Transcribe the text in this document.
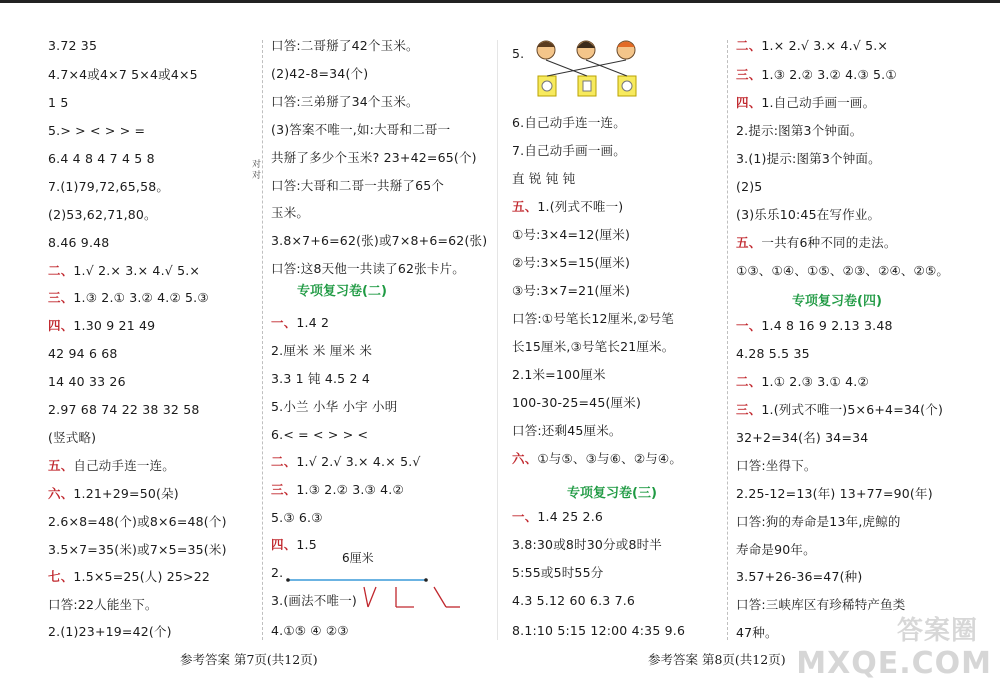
3.72 35
4.7×4或4×7 5×4或4×5
1 5
5.> > < > > =
6.4 4 8 4 7 4 5 8
7.(1)79,72,65,58。
(2)53,62,71,80。
8.46 9.48
二、1.√ 2.× 3.× 4.√ 5.×
三、1.③ 2.① 3.② 4.② 5.③
四、1.30 9 21 49
42 94 6 68
14 40 33 26
2.97 68 74 22 38 32 58
(竖式略)
五、自己动手连一连。
六、1.21+29=50(朵)
2.6×8=48(个)或8×6=48(个)
3.5×7=35(米)或7×5=35(米)
七、1.5×5=25(人) 25>22
口答:22人能坐下。
2.(1)23+19=42(个)
口答:二哥掰了42个玉米。
(2)42-8=34(个)
口答:三弟掰了34个玉米。
(3)答案不唯一,如:大哥和二哥一
共掰了多少个玉米? 23+42=65(个)
口答:大哥和二哥一共掰了65个
玉米。
3.8×7+6=62(张)或7×8+6=62(张)
口答:这8天他一共读了62张卡片。
一、1.4 2
2.厘米 米 厘米 米
3.3 1 钝 4.5 2 4
5.小兰 小华 小宇 小明
6.< = < > > <
二、1.√ 2.√ 3.× 4.× 5.√
三、1.③ 2.② 3.③ 4.②
5.③ 6.③
四、1.5
2.
3.(画法不唯一)
4.①⑤ ④ ②③
5.
6.自己动手连一连。
7.自己动手画一画。
直 锐 钝 钝
五、1.(列式不唯一)
①号:3×4=12(厘米)
②号:3×5=15(厘米)
③号:3×7=21(厘米)
口答:①号笔长12厘米,②号笔
长15厘米,③号笔长21厘米。
2.1米=100厘米
100-30-25=45(厘米)
口答:还剩45厘米。
六、①与⑤、③与⑥、②与④。
一、1.4 25 2.6
3.8:30或8时30分或8时半
5:55或5时55分
4.3 5.12 60 6.3 7.6
8.1:10 5:15 12:00 4:35 9.6
二、1.× 2.√ 3.× 4.√ 5.×
三、1.③ 2.② 3.② 4.③ 5.①
四、1.自己动手画一画。
2.提示:图第3个钟面。
3.(1)提示:图第3个钟面。
(2)5
(3)乐乐10:45在写作业。
五、一共有6种不同的走法。
①③、①④、①⑤、②③、②④、②⑤。
一、1.4 8 16 9 2.13 3.48
4.28 5.5 35
二、1.① 2.③ 3.① 4.②
三、1.(列式不唯一)5×6+4=34(个)
32+2=34(名) 34=34
口答:坐得下。
2.25-12=13(年) 13+77=90(年)
口答:狗的寿命是13年,虎鲸的
寿命是90年。
3.57+26-36=47(种)
口答:三峡库区有珍稀特产鱼类
47种。
专项复习卷(二)
专项复习卷(三)
专项复习卷(四)
对对
6厘米
参考答案 第7页(共12页)	参考答案 第8页(共12页)
答案圈
MXQE.COM
